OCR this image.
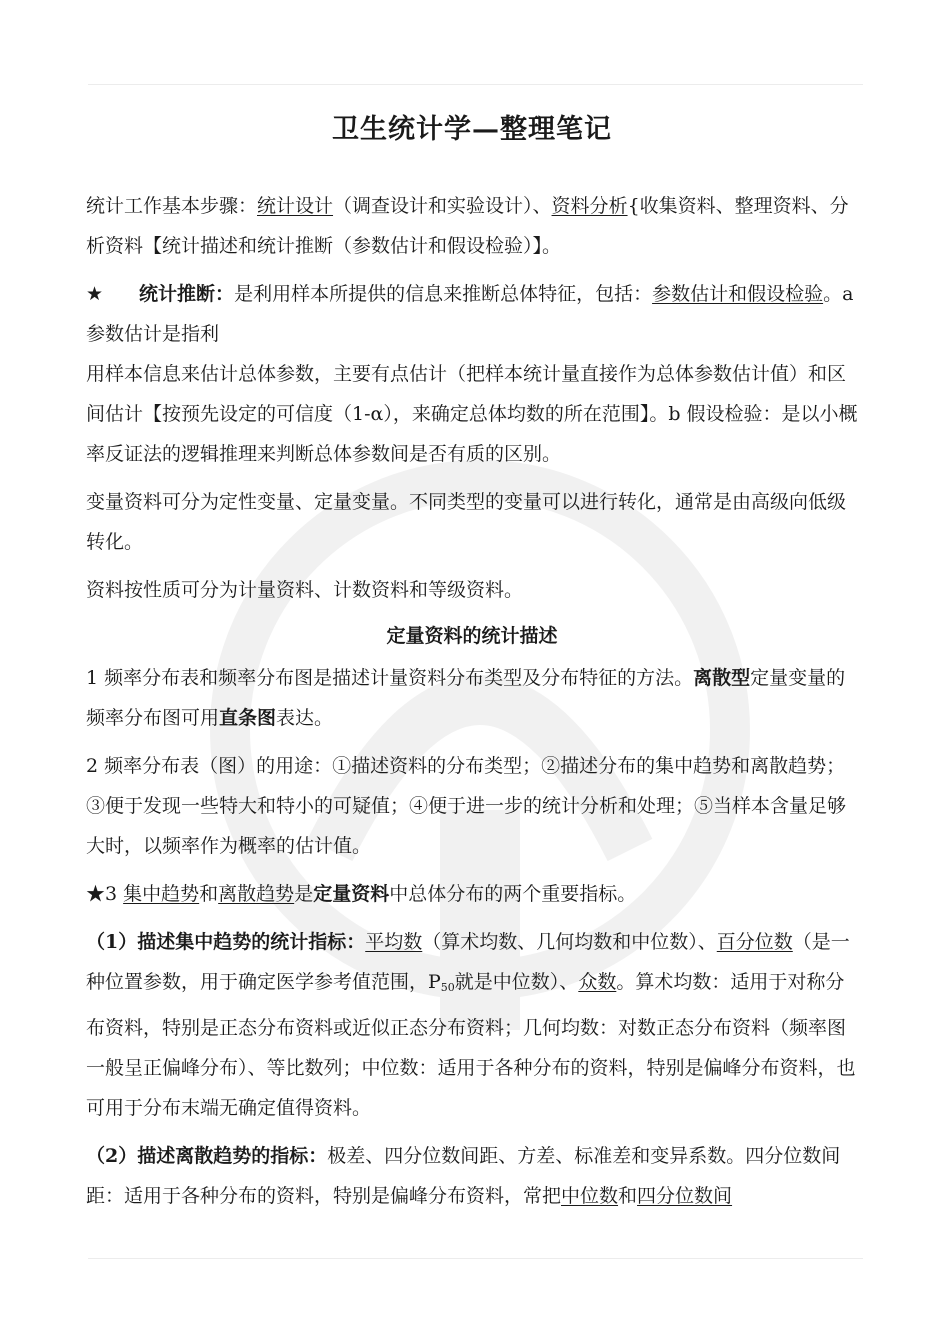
卫生统计学—整理笔记

统计工作基本步骤：统计设计（调查设计和实验设计）、资料分析{收集资料、整理资料、分析资料【统计描述和统计推断（参数估计和假设检验）】。

★ 统计推断：是利用样本所提供的信息来推断总体特征，包括：参数估计和假设检验。a 参数估计是指利

用样本信息来估计总体参数，主要有点估计（把样本统计量直接作为总体参数估计值）和区间估计【按预先设定的可信度（1-α），来确定总体均数的所在范围】。b 假设检验：是以小概率反证法的逻辑推理来判断总体参数间是否有质的区别。

变量资料可分为定性变量、定量变量。不同类型的变量可以进行转化，通常是由高级向低级转化。

资料按性质可分为计量资料、计数资料和等级资料。

定量资料的统计描述

1 频率分布表和频率分布图是描述计量资料分布类型及分布特征的方法。离散型定量变量的频率分布图可用直条图表达。

2 频率分布表（图）的用途：①描述资料的分布类型；②描述分布的集中趋势和离散趋势；③便于发现一些特大和特小的可疑值；④便于进一步的统计分析和处理；⑤当样本含量足够大时，以频率作为概率的估计值。

★3 集中趋势和离散趋势是定量资料中总体分布的两个重要指标。

（1）描述集中趋势的统计指标：平均数（算术均数、几何均数和中位数）、百分位数（是一种位置参数，用于确定医学参考值范围，$P_{50}$就是中位数）、众数。算术均数：适用于对称分布资料，特别是正态分布资料或近似正态分布资料；几何均数：对数正态分布资料（频率图一般呈正偏峰分布）、等比数列；中位数：适用于各种分布的资料，特别是偏峰分布资料，也可用于分布末端无确定值得资料。

（2）描述离散趋势的指标：极差、四分位数间距、方差、标准差和变异系数。四分位数间距：适用于各种分布的资料，特别是偏峰分布资料，常把中位数和四分位数间
